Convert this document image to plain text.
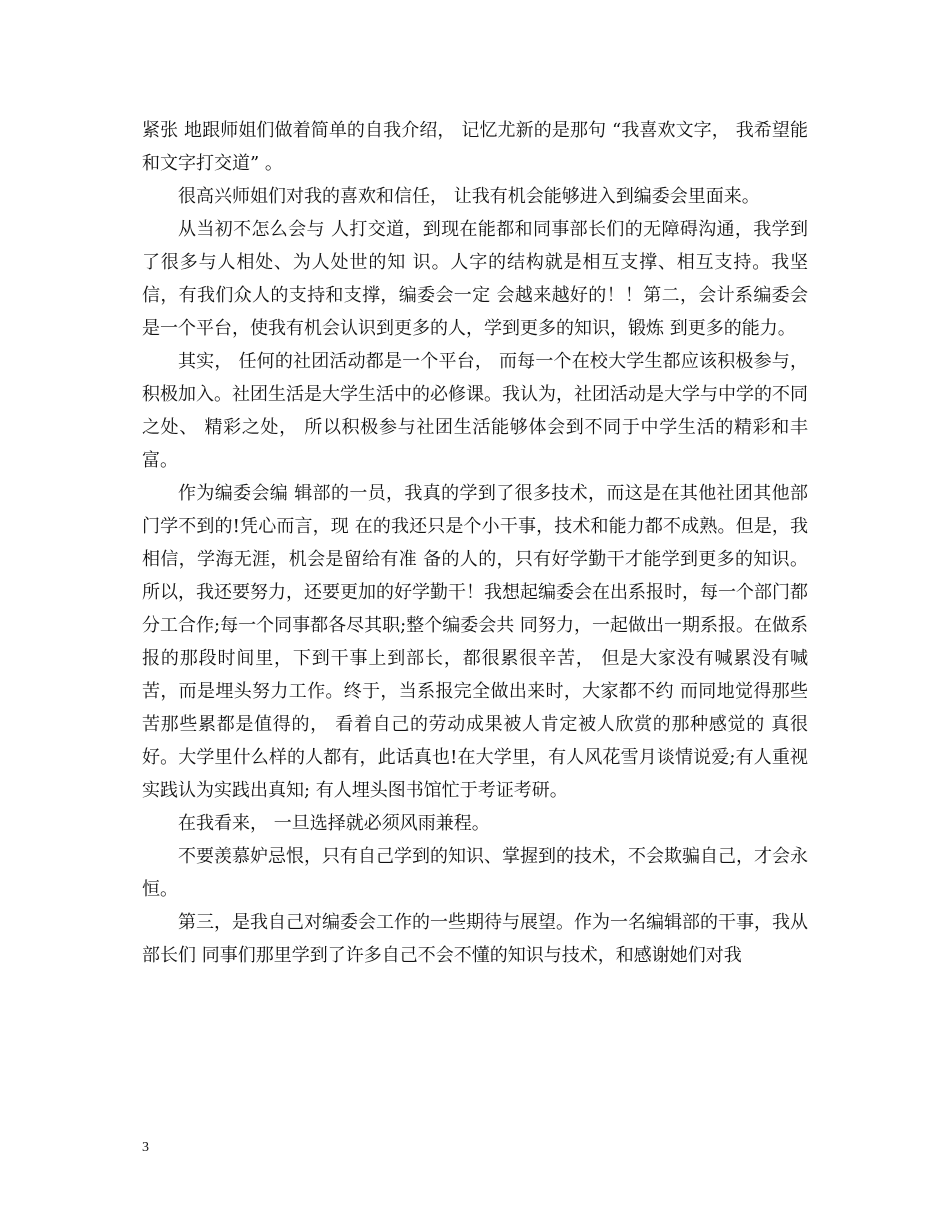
紧张 地跟师姐们做着简单的自我介绍， 记忆尤新的是那句 “我喜欢文字， 我希望能和文字打交道” 。

很高兴师姐们对我的喜欢和信任， 让我有机会能够进入到编委会里面来。

从当初不怎么会与 人打交道，到现在能都和同事部长们的无障碍沟通，我学到了很多与人相处、为人处世的知 识。人字的结构就是相互支撑、相互支持。我坚信，有我们众人的支持和支撑，编委会一定 会越来越好的！！第二，会计系编委会是一个平台，使我有机会认识到更多的人，学到更多的知识，锻炼 到更多的能力。

其实， 任何的社团活动都是一个平台， 而每一个在校大学生都应该积极参与， 积极加入。社团生活是大学生活中的必修课。我认为，社团活动是大学与中学的不同之处、 精彩之处， 所以积极参与社团生活能够体会到不同于中学生活的精彩和丰富。

作为编委会编 辑部的一员，我真的学到了很多技术，而这是在其他社团其他部门学不到的!凭心而言，现 在的我还只是个小干事，技术和能力都不成熟。但是，我相信，学海无涯，机会是留给有准 备的人的，只有好学勤干才能学到更多的知识。所以，我还要努力，还要更加的好学勤干！我想起编委会在出系报时，每一个部门都分工合作;每一个同事都各尽其职;整个编委会共 同努力，一起做出一期系报。在做系报的那段时间里，下到干事上到部长，都很累很辛苦， 但是大家没有喊累没有喊苦，而是埋头努力工作。终于，当系报完全做出来时，大家都不约 而同地觉得那些苦那些累都是值得的， 看着自己的劳动成果被人肯定被人欣赏的那种感觉的 真很好。大学里什么样的人都有，此话真也!在大学里，有人风花雪月谈情说爱;有人重视 实践认为实践出真知; 有人埋头图书馆忙于考证考研。

在我看来， 一旦选择就必须风雨兼程。

不要羡慕妒忌恨，只有自己学到的知识、掌握到的技术，不会欺骗自己，才会永恒。

第三，是我自己对编委会工作的一些期待与展望。作为一名编辑部的干事，我从部长们 同事们那里学到了许多自己不会不懂的知识与技术，和感谢她们对我

3
